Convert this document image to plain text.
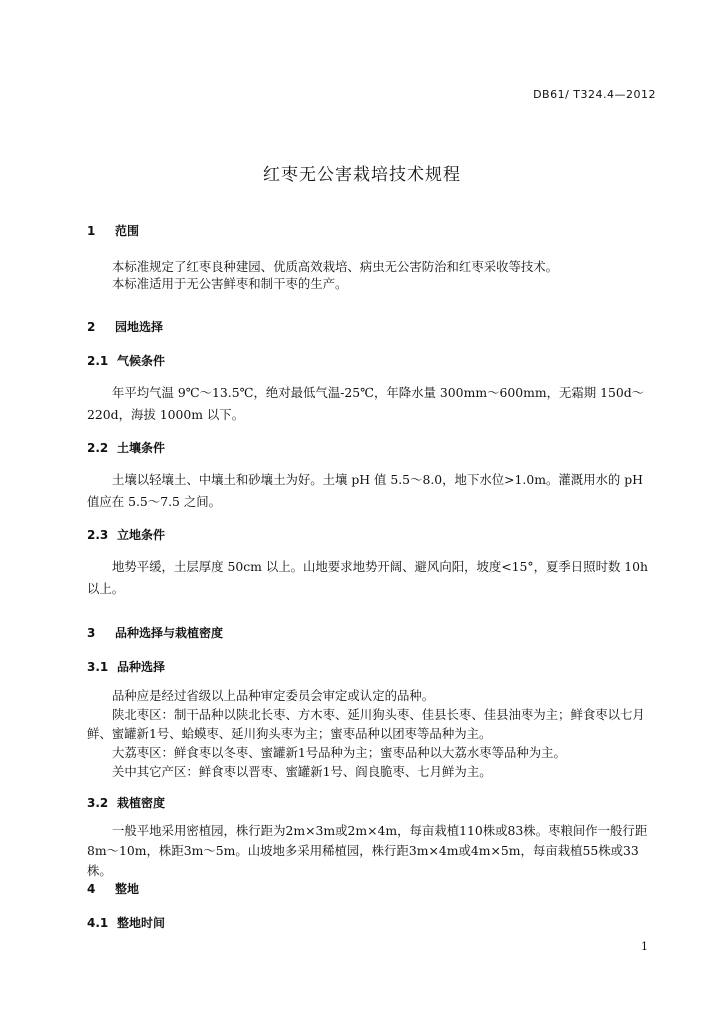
DB61/ T324.4—2012
红枣无公害栽培技术规程
1 范围
本标准规定了红枣良种建园、优质高效栽培、病虫无公害防治和红枣采收等技术。
本标准适用于无公害鲜枣和制干枣的生产。
2 园地选择
2.1 气候条件
年平均气温 9℃～13.5℃，绝对最低气温-25℃，年降水量 300mm～600mm，无霜期 150d～220d，海拔 1000m 以下。
2.2 土壤条件
土壤以轻壤土、中壤土和砂壤土为好。土壤 pH 值 5.5～8.0，地下水位>1.0m。灌溉用水的 pH 值应在 5.5～7.5 之间。
2.3 立地条件
地势平缓，土层厚度 50cm 以上。山地要求地势开阔、避风向阳，坡度<15°，夏季日照时数 10h以上。
3 品种选择与栽植密度
3.1 品种选择
品种应是经过省级以上品种审定委员会审定或认定的品种。
陕北枣区：制干品种以陕北长枣、方木枣、延川狗头枣、佳县长枣、佳县油枣为主；鲜食枣以七月鲜、蜜罐新1号、蛤蟆枣、延川狗头枣为主；蜜枣品种以团枣等品种为主。
大荔枣区：鲜食枣以冬枣、蜜罐新1号品种为主；蜜枣品种以大荔水枣等品种为主。
关中其它产区：鲜食枣以晋枣、蜜罐新1号、阎良脆枣、七月鲜为主。
3.2 栽植密度
一般平地采用密植园，株行距为2m×3m或2m×4m，每亩栽植110株或83株。枣粮间作一般行距8m～10m，株距3m～5m。山坡地多采用稀植园，株行距3m×4m或4m×5m，每亩栽植55株或33株。
4 整地
4.1 整地时间
1
